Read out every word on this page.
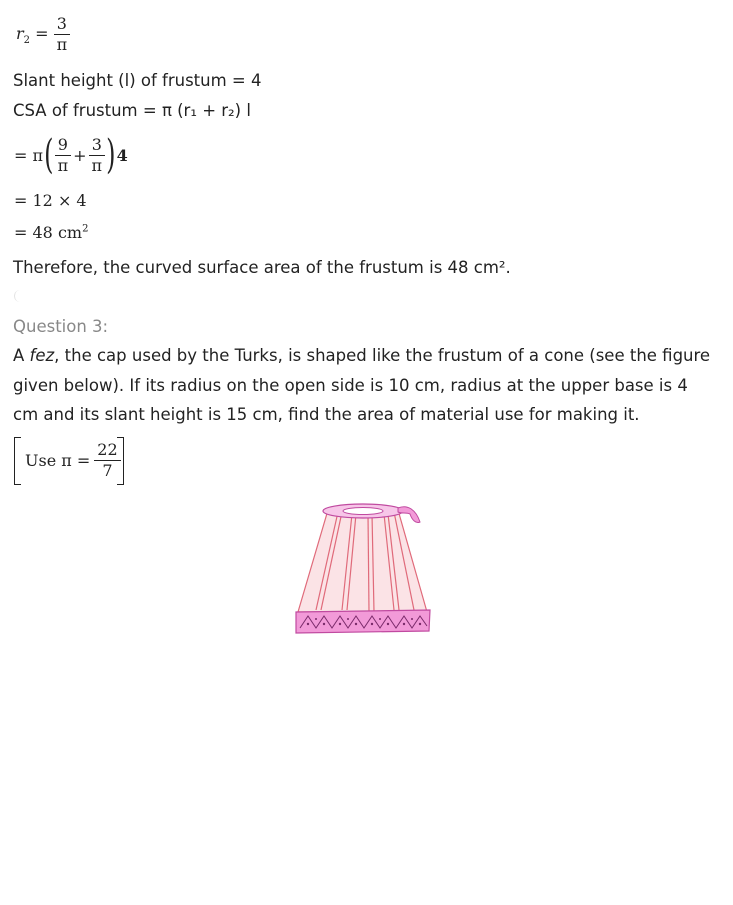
$r_2 = \frac{3}{\pi}$
Slant height (l) of frustum = 4
CSA of frustum = π (r₁ + r₂) l
= π ( $\frac{9}{\pi} + \frac{3}{\pi}$ ) 4
= 12 × 4
= 48 $cm^2$
Therefore, the curved surface area of the frustum is 48 cm².
Question 3:
A fez, the cap used by the Turks, is shaped like the frustum of a cone (see the figure given below). If its radius on the open side is 10 cm, radius at the upper base is 4 cm and its slant height is 15 cm, find the area of material use for making it.
Use $\pi = \frac{22}{7}$
